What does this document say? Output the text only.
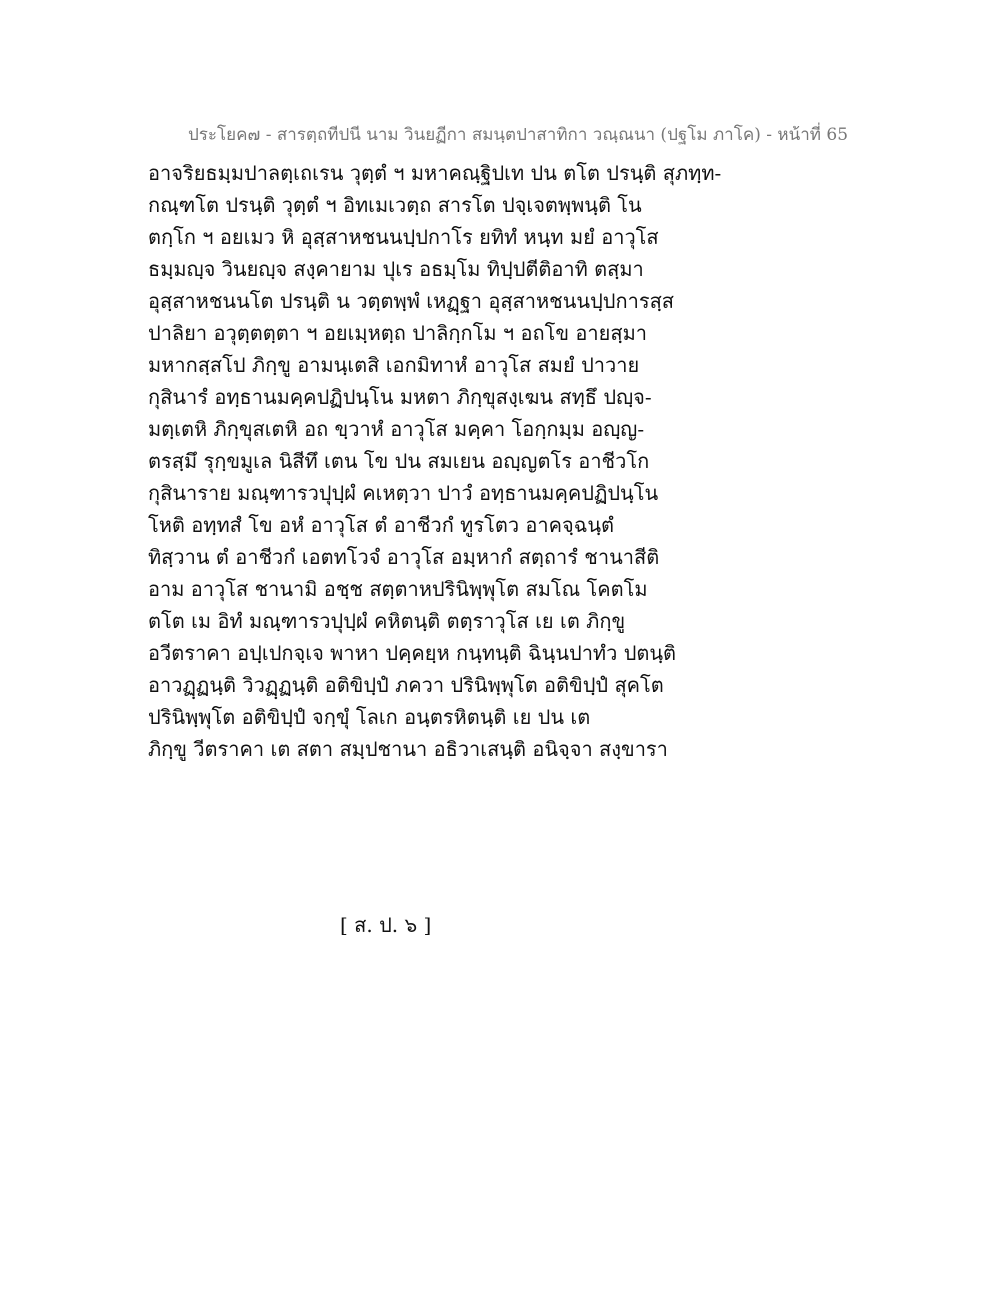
ประโยค๗ - สารตฺถทีปนี นาม วินยฏีกา สมนฺตปาสาทิกา วณฺณนา (ปฐโม ภาโค) - หน้าที่ 65
อาจริยธมฺมปาลตฺเถเรน วุตฺตํ ฯ มหาคณฺฐิปเท ปน ตโต ปรนฺติ สุภทฺท-
กณฺฑโต ปรนฺติ วุตฺตํ ฯ อิทเมเวตฺถ สารโต ปจฺเจตพฺพนฺติ โน
ตกฺโก ฯ อยเมว หิ อุสฺสาหชนนปฺปกาโร ยทิทํ หนฺท มยํ อาวุโส
ธมฺมญฺจ วินยญฺจ สงฺคายาม ปุเร อธมฺโม ทิปฺปตีติอาทิ ตสฺมา
อุสฺสาหชนนโต ปรนฺติ น วตฺตพฺพํ เหฏฺฐา อุสฺสาหชนนปฺปการสฺส
ปาลิยา อวุตฺตตฺตา ฯ อยเมฺหตฺถ ปาลิกฺกโม ฯ อถโข อายสฺมา
มหากสฺสโป ภิกฺขู อามนฺเตสิ เอกมิทาหํ อาวุโส สมยํ ปาวาย
กุสินารํ อทฺธานมคฺคปฏิปนฺโน มหตา ภิกฺขุสงฺเฆน สทฺธึ ปญฺจ-
มตฺเตหิ ภิกฺขุสเตหิ อถ ขฺวาหํ อาวุโส มคฺคา โอกฺกมฺม อญฺญ-
ตรสฺมึ รุกฺขมูเล นิสีทึ เตน โข ปน สมเยน อญฺญตโร อาชีวโก
กุสินาราย มณฺฑารวปุปฺผํ คเหตฺวา ปาวํ อทฺธานมคฺคปฏิปนฺโน
โหติ อทฺทสํ โข อหํ อาวุโส ตํ อาชีวกํ ทูรโตว อาคจฺฉนฺตํ
ทิสฺวาน ตํ อาชีวกํ เอตทโวจํ อาวุโส อมฺหากํ สตฺถารํ ชานาสีติ
อาม อาวุโส ชานามิ อชฺช สตฺตาหปรินิพฺพุโต สมโณ โคตโม
ตโต เม อิทํ มณฺฑารวปุปฺผํ คหิตนฺติ ตตฺราวุโส เย เต ภิกฺขู
อวีตราคา อปฺเปกจฺเจ พาหา ปคฺคยฺห กนฺทนฺติ ฉินฺนปาทํว ปตนฺติ
อาวฏฺฏนฺติ วิวฏฺฏนฺติ อติขิปฺปํ ภควา ปรินิพฺพุโต อติขิปฺปํ สุคโต
ปรินิพฺพุโต อติขิปฺปํ จกฺขุํ โลเก อนฺตรหิตนฺติ เย ปน เต
ภิกฺขู วีตราคา เต สตา สมฺปชานา อธิวาเสนฺติ อนิจฺจา สงฺขารา
[ ส. ป. ๖ ]
